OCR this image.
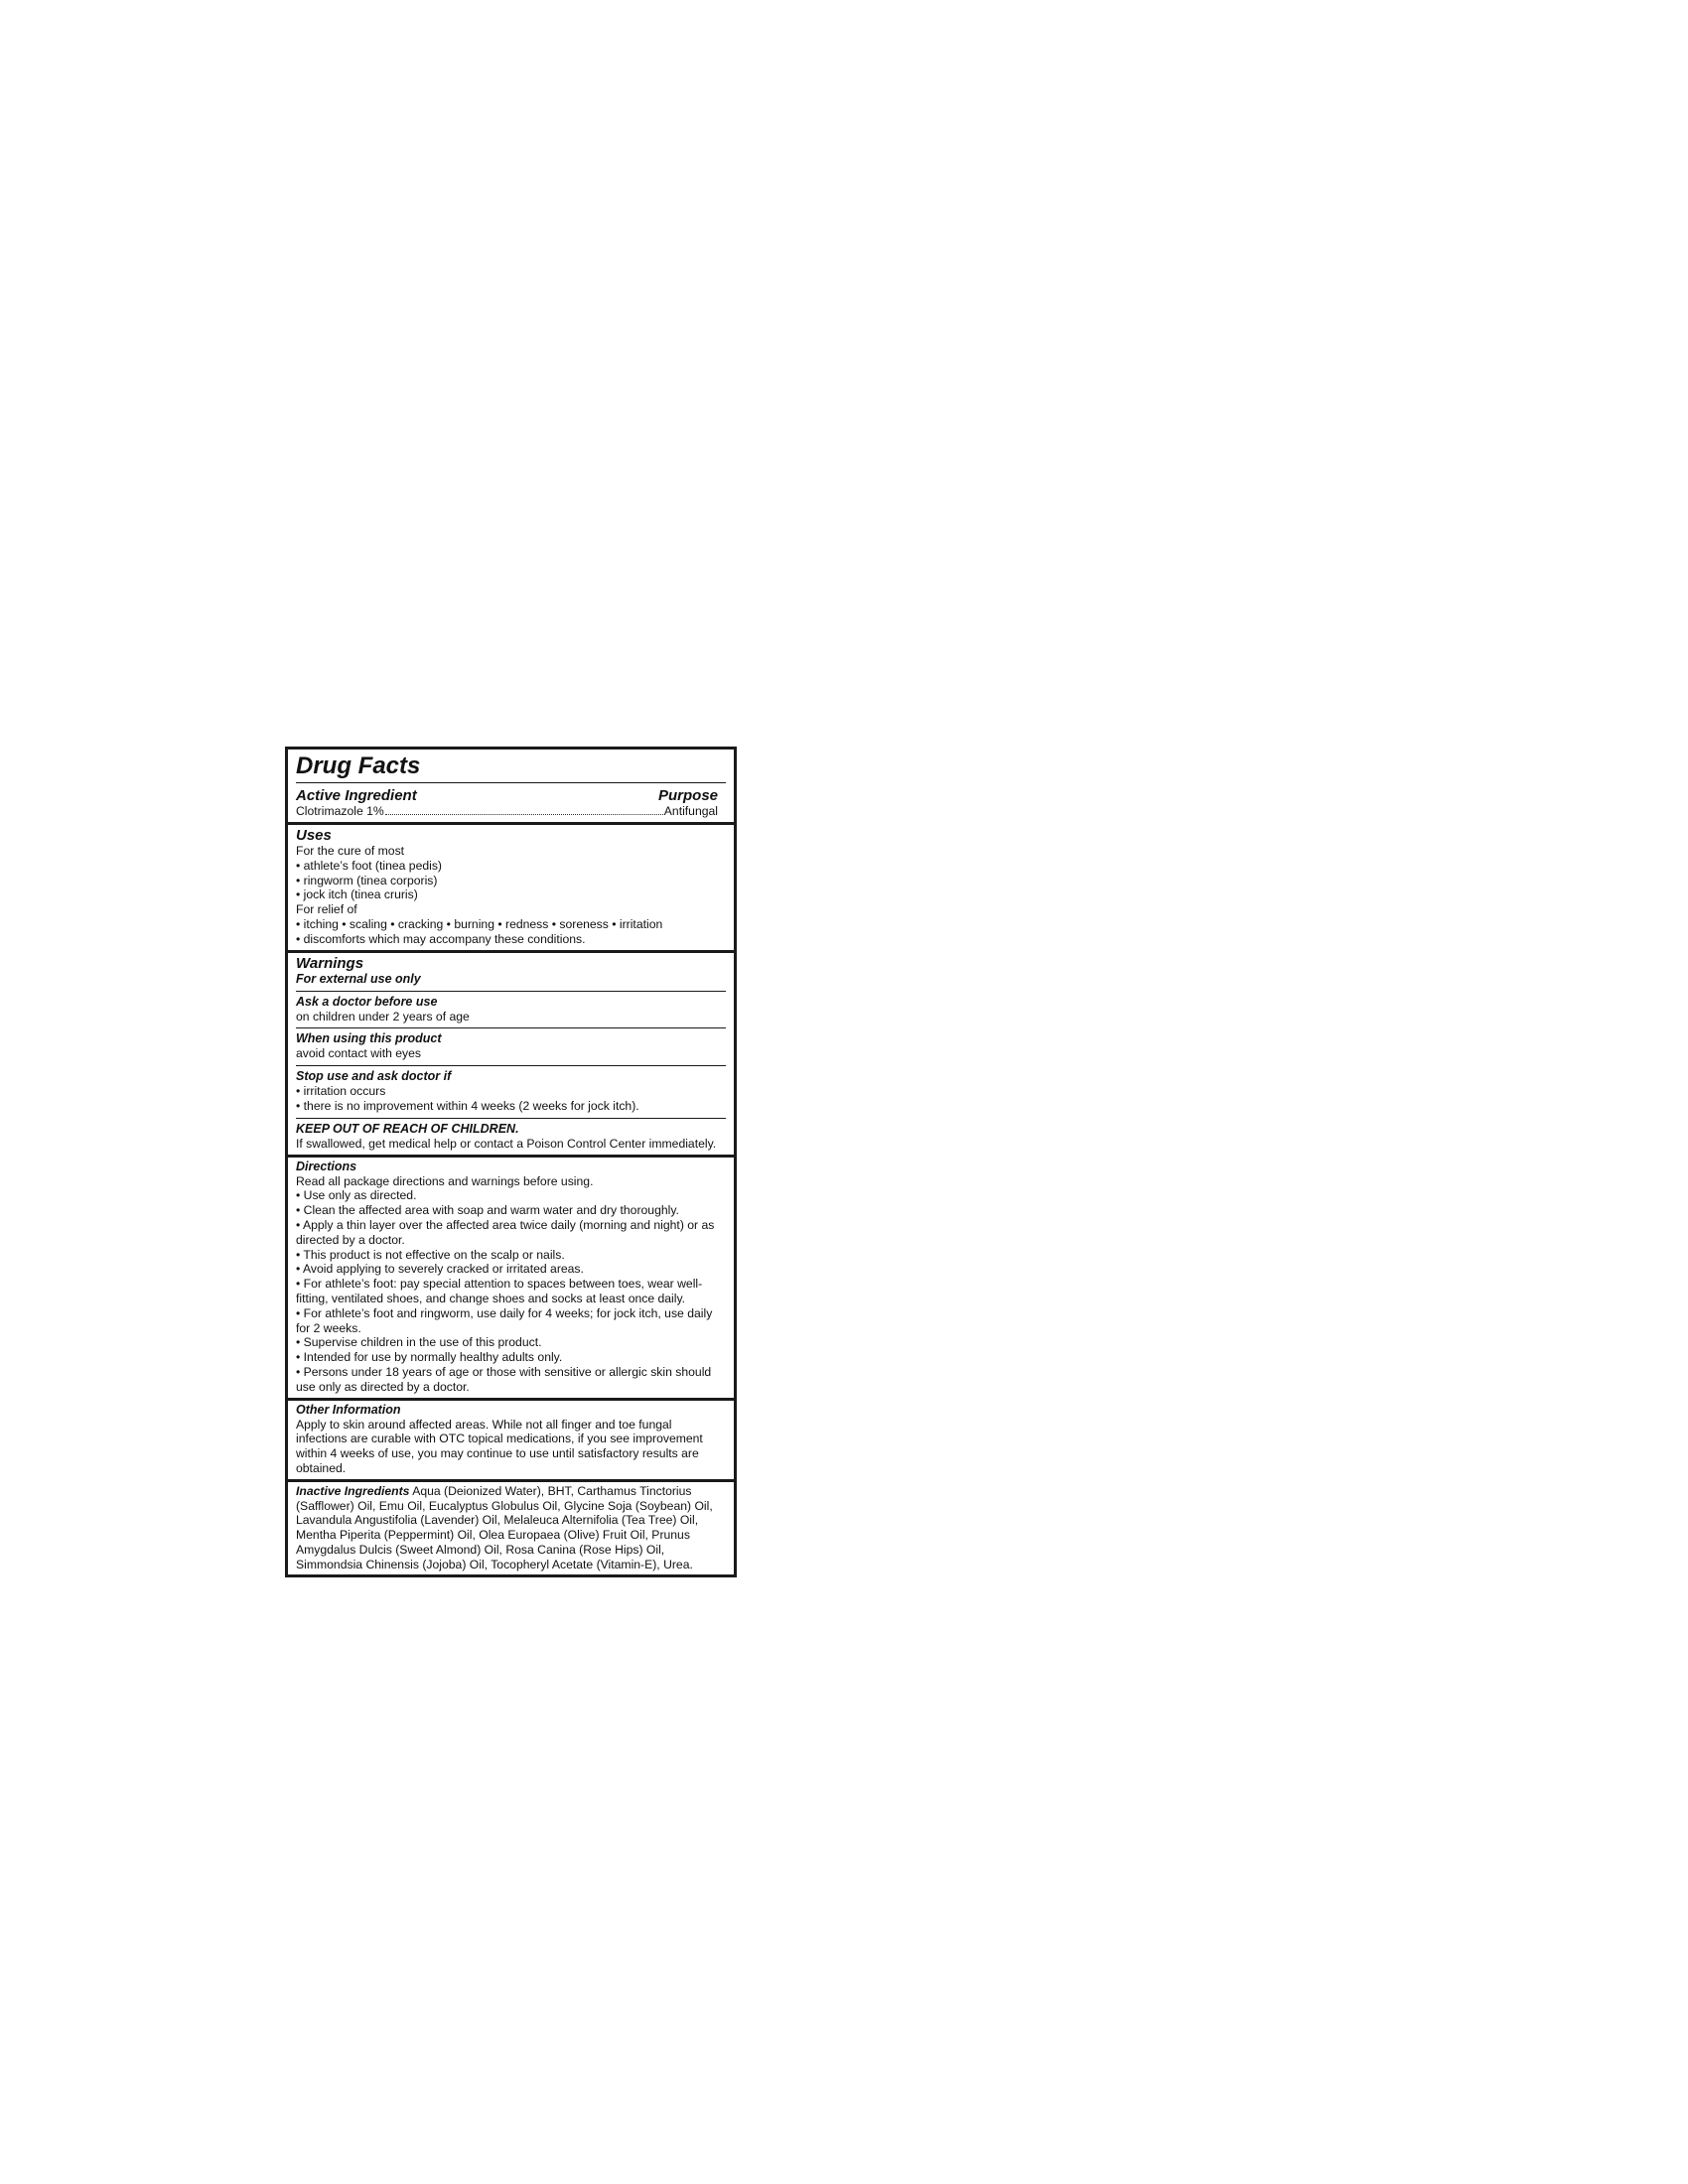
Drug Facts
Active Ingredient	Purpose
Clotrimazole 1%	Antifungal
Uses
For the cure of most
• athlete’s foot (tinea pedis)
• ringworm (tinea corporis)
• jock itch (tinea cruris)
For relief of
• itching • scaling • cracking • burning • redness • soreness • irritation
• discomforts which may accompany these conditions.
Warnings
For external use only
Ask a doctor before use
on children under 2 years of age
When using this product
avoid contact with eyes
Stop use and ask doctor if
• irritation occurs
• there is no improvement within 4 weeks (2 weeks for jock itch).
KEEP OUT OF REACH OF CHILDREN.
If swallowed, get medical help or contact a Poison Control Center immediately.
Directions
Read all package directions and warnings before using.
• Use only as directed.
• Clean the affected area with soap and warm water and dry thoroughly.
• Apply a thin layer over the affected area twice daily (morning and night) or as directed by a doctor.
• This product is not effective on the scalp or nails.
• Avoid applying to severely cracked or irritated areas.
• For athlete’s foot: pay special attention to spaces between toes, wear well-fitting, ventilated shoes, and change shoes and socks at least once daily.
• For athlete’s foot and ringworm, use daily for 4 weeks; for jock itch, use daily for 2 weeks.
• Supervise children in the use of this product.
• Intended for use by normally healthy adults only.
• Persons under 18 years of age or those with sensitive or allergic skin should use only as directed by a doctor.
Other Information
Apply to skin around affected areas. While not all finger and toe fungal infections are curable with OTC topical medications, if you see improvement within 4 weeks of use, you may continue to use until satisfactory results are obtained.
Inactive Ingredients Aqua (Deionized Water), BHT, Carthamus Tinctorius (Safflower) Oil, Emu Oil, Eucalyptus Globulus Oil, Glycine Soja (Soybean) Oil, Lavandula Angustifolia (Lavender) Oil, Melaleuca Alternifolia (Tea Tree) Oil, Mentha Piperita (Peppermint) Oil, Olea Europaea (Olive) Fruit Oil, Prunus Amygdalus Dulcis (Sweet Almond) Oil, Rosa Canina (Rose Hips) Oil, Simmondsia Chinensis (Jojoba) Oil, Tocopheryl Acetate (Vitamin-E), Urea.
